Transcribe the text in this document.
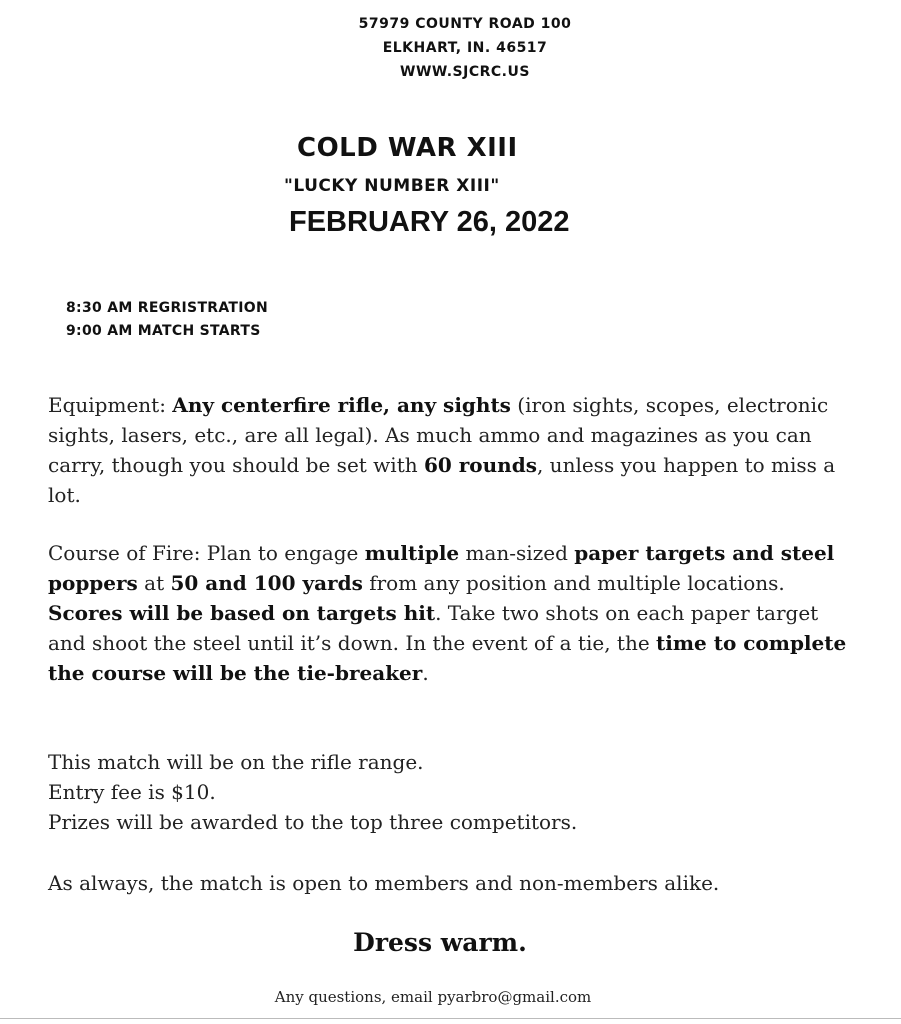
57979 COUNTY ROAD 100
ELKHART, IN. 46517
WWW.SJCRC.US
COLD WAR XIII
"LUCKY NUMBER XIII"
FEBRUARY 26, 2022
8:30 AM REGRISTRATION
9:00 AM MATCH STARTS
Equipment: Any centerfire rifle, any sights (iron sights, scopes, electronic sights, lasers, etc., are all legal). As much ammo and magazines as you can carry, though you should be set with 60 rounds, unless you happen to miss a lot.
Course of Fire: Plan to engage multiple man-sized paper targets and steel poppers at 50 and 100 yards from any position and multiple locations. Scores will be based on targets hit. Take two shots on each paper target and shoot the steel until it’s down. In the event of a tie, the time to complete the course will be the tie-breaker.
This match will be on the rifle range.
Entry fee is $10.
Prizes will be awarded to the top three competitors.
As always, the match is open to members and non-members alike.
Dress warm.
Any questions, email pyarbro@gmail.com
